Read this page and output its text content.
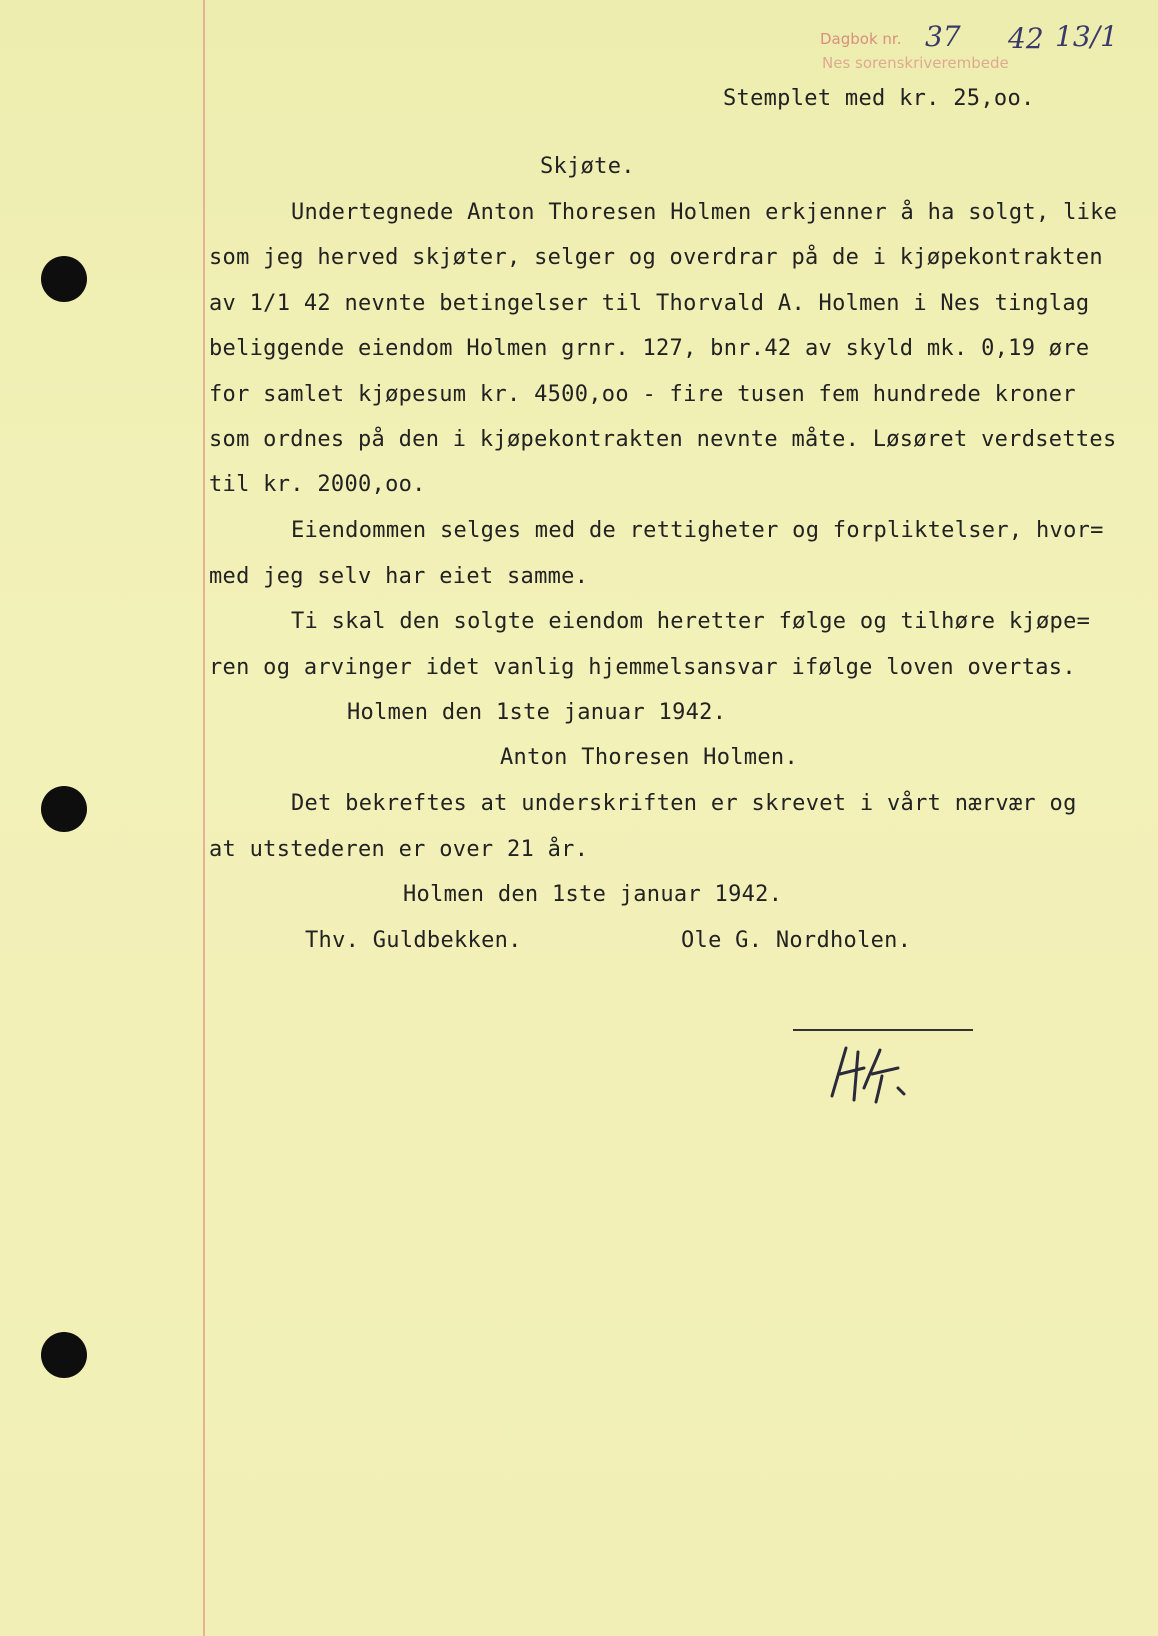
Dagbok nr.
Nes sorenskriverembede
37 42 13/1
Stemplet med kr. 25,oo.
Skjøte.
Undertegnede Anton Thoresen Holmen erkjenner å ha solgt, like
som jeg herved skjøter, selger og overdrar på de i kjøpekontrakten
av 1/1 42 nevnte betingelser til Thorvald A. Holmen i Nes tinglag
beliggende eiendom Holmen grnr. 127, bnr.42 av skyld mk. 0,19 øre
for samlet kjøpesum kr. 4500,oo - fire tusen fem hundrede kroner
som ordnes på den i kjøpekontrakten nevnte måte. Løsøret verdsettes
til kr. 2000,oo.
Eiendommen selges med de rettigheter og forpliktelser, hvor=
med jeg selv har eiet samme.
Ti skal den solgte eiendom heretter følge og tilhøre kjøpe=
ren og arvinger idet vanlig hjemmelsansvar ifølge loven overtas.
Holmen den 1ste januar 1942.
Anton Thoresen Holmen.
Det bekreftes at underskriften er skrevet i vårt nærvær og
at utstederen er over 21 år.
Holmen den 1ste januar 1942.
Thv. Guldbekken.	Ole G. Nordholen.
